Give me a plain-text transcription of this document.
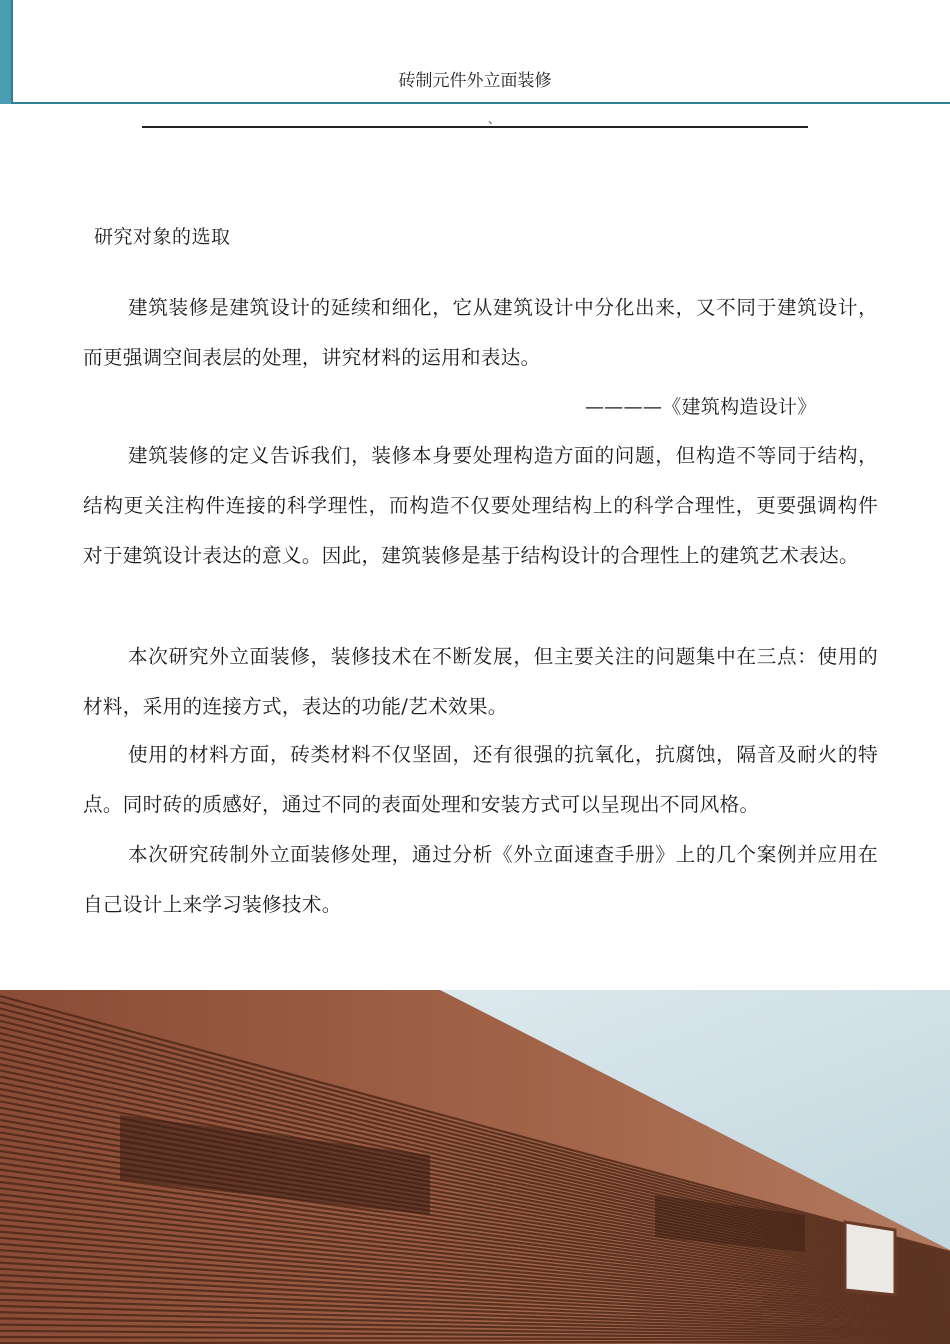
砖制元件外立面装修
、
研究对象的选取

建筑装修是建筑设计的延续和细化，它从建筑设计中分化出来，又不同于建筑设计，而更强调空间表层的处理，讲究材料的运用和表达。

————《建筑构造设计》

建筑装修的定义告诉我们，装修本身要处理构造方面的问题，但构造不等同于结构，结构更关注构件连接的科学理性，而构造不仅要处理结构上的科学合理性，更要强调构件对于建筑设计表达的意义。因此，建筑装修是基于结构设计的合理性上的建筑艺术表达。

本次研究外立面装修，装修技术在不断发展，但主要关注的问题集中在三点：使用的材料，采用的连接方式，表达的功能/艺术效果。

使用的材料方面，砖类材料不仅坚固，还有很强的抗氧化，抗腐蚀，隔音及耐火的特点。同时砖的质感好，通过不同的表面处理和安装方式可以呈现出不同风格。

本次研究砖制外立面装修处理，通过分析《外立面速查手册》上的几个案例并应用在自己设计上来学习装修技术。
